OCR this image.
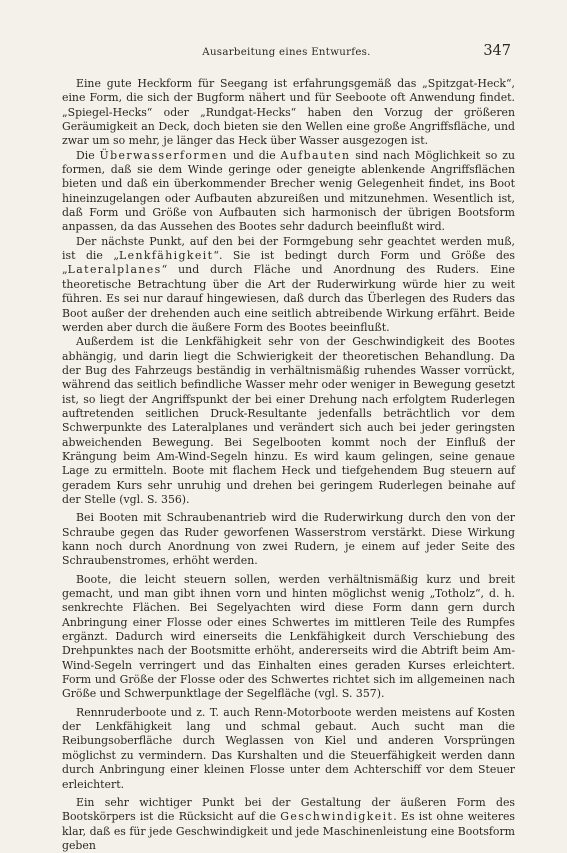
Ausarbeitung eines Entwurfes.	347

Eine gute Heckform für Seegang ist erfahrungsgemäß das „Spitzgat-Heck“, eine Form, die sich der Bugform nähert und für Seeboote oft Anwendung findet. „Spiegel-Hecks“ oder „Rundgat-Hecks“ haben den Vorzug der größeren Geräumigkeit an Deck, doch bieten sie den Wellen eine große Angriffsfläche, und zwar um so mehr, je länger das Heck über Wasser ausgezogen ist.

Die Überwasserformen und die Aufbauten sind nach Möglichkeit so zu formen, daß sie dem Winde geringe oder geneigte ablenkende Angriffsflächen bieten und daß ein überkommender Brecher wenig Gelegenheit findet, ins Boot hineinzugelangen oder Aufbauten abzureißen und mitzunehmen. Wesentlich ist, daß Form und Größe von Aufbauten sich harmonisch der übrigen Bootsform anpassen, da das Aussehen des Bootes sehr dadurch beeinflußt wird.

Der nächste Punkt, auf den bei der Formgebung sehr geachtet werden muß, ist die „Lenkfähigkeit“. Sie ist bedingt durch Form und Größe des „Lateralplanes“ und durch Fläche und Anordnung des Ruders. Eine theoretische Betrachtung über die Art der Ruderwirkung würde hier zu weit führen. Es sei nur darauf hingewiesen, daß durch das Überlegen des Ruders das Boot außer der drehenden auch eine seitlich abtreibende Wirkung erfährt. Beide werden aber durch die äußere Form des Bootes beeinflußt.

Außerdem ist die Lenkfähigkeit sehr von der Geschwindigkeit des Bootes abhängig, und darin liegt die Schwierigkeit der theoretischen Behandlung. Da der Bug des Fahrzeugs beständig in verhältnismäßig ruhendes Wasser vorrückt, während das seitlich befindliche Wasser mehr oder weniger in Bewegung gesetzt ist, so liegt der Angriffspunkt der bei einer Drehung nach erfolgtem Ruderlegen auftretenden seitlichen Druck-Resultante jedenfalls beträchtlich vor dem Schwerpunkte des Lateralplanes und verändert sich auch bei jeder geringsten abweichenden Bewegung. Bei Segelbooten kommt noch der Einfluß der Krängung beim Am-Wind-Segeln hinzu. Es wird kaum gelingen, seine genaue Lage zu ermitteln. Boote mit flachem Heck und tiefgehendem Bug steuern auf geradem Kurs sehr unruhig und drehen bei geringem Ruderlegen beinahe auf der Stelle (vgl. S. 356).

Bei Booten mit Schraubenantrieb wird die Ruderwirkung durch den von der Schraube gegen das Ruder geworfenen Wasserstrom verstärkt. Diese Wirkung kann noch durch Anordnung von zwei Rudern, je einem auf jeder Seite des Schraubenstromes, erhöht werden.

Boote, die leicht steuern sollen, werden verhältnismäßig kurz und breit gemacht, und man gibt ihnen vorn und hinten möglichst wenig „Totholz“, d. h. senkrechte Flächen. Bei Segelyachten wird diese Form dann gern durch Anbringung einer Flosse oder eines Schwertes im mittleren Teile des Rumpfes ergänzt. Dadurch wird einerseits die Lenkfähigkeit durch Verschiebung des Drehpunktes nach der Bootsmitte erhöht, andererseits wird die Abtrift beim Am-Wind-Segeln verringert und das Einhalten eines geraden Kurses erleichtert. Form und Größe der Flosse oder des Schwertes richtet sich im allgemeinen nach Größe und Schwerpunktlage der Segelfläche (vgl. S. 357).

Rennruderboote und z. T. auch Renn-Motorboote werden meistens auf Kosten der Lenkfähigkeit lang und schmal gebaut. Auch sucht man die Reibungsoberfläche durch Weglassen von Kiel und anderen Vorsprüngen möglichst zu vermindern. Das Kurshalten und die Steuerfähigkeit werden dann durch Anbringung einer kleinen Flosse unter dem Achterschiff vor dem Steuer erleichtert.

Ein sehr wichtiger Punkt bei der Gestaltung der äußeren Form des Bootskörpers ist die Rücksicht auf die Geschwindigkeit. Es ist ohne weiteres klar, daß es für jede Geschwindigkeit und jede Maschinenleistung eine Bootsform geben
